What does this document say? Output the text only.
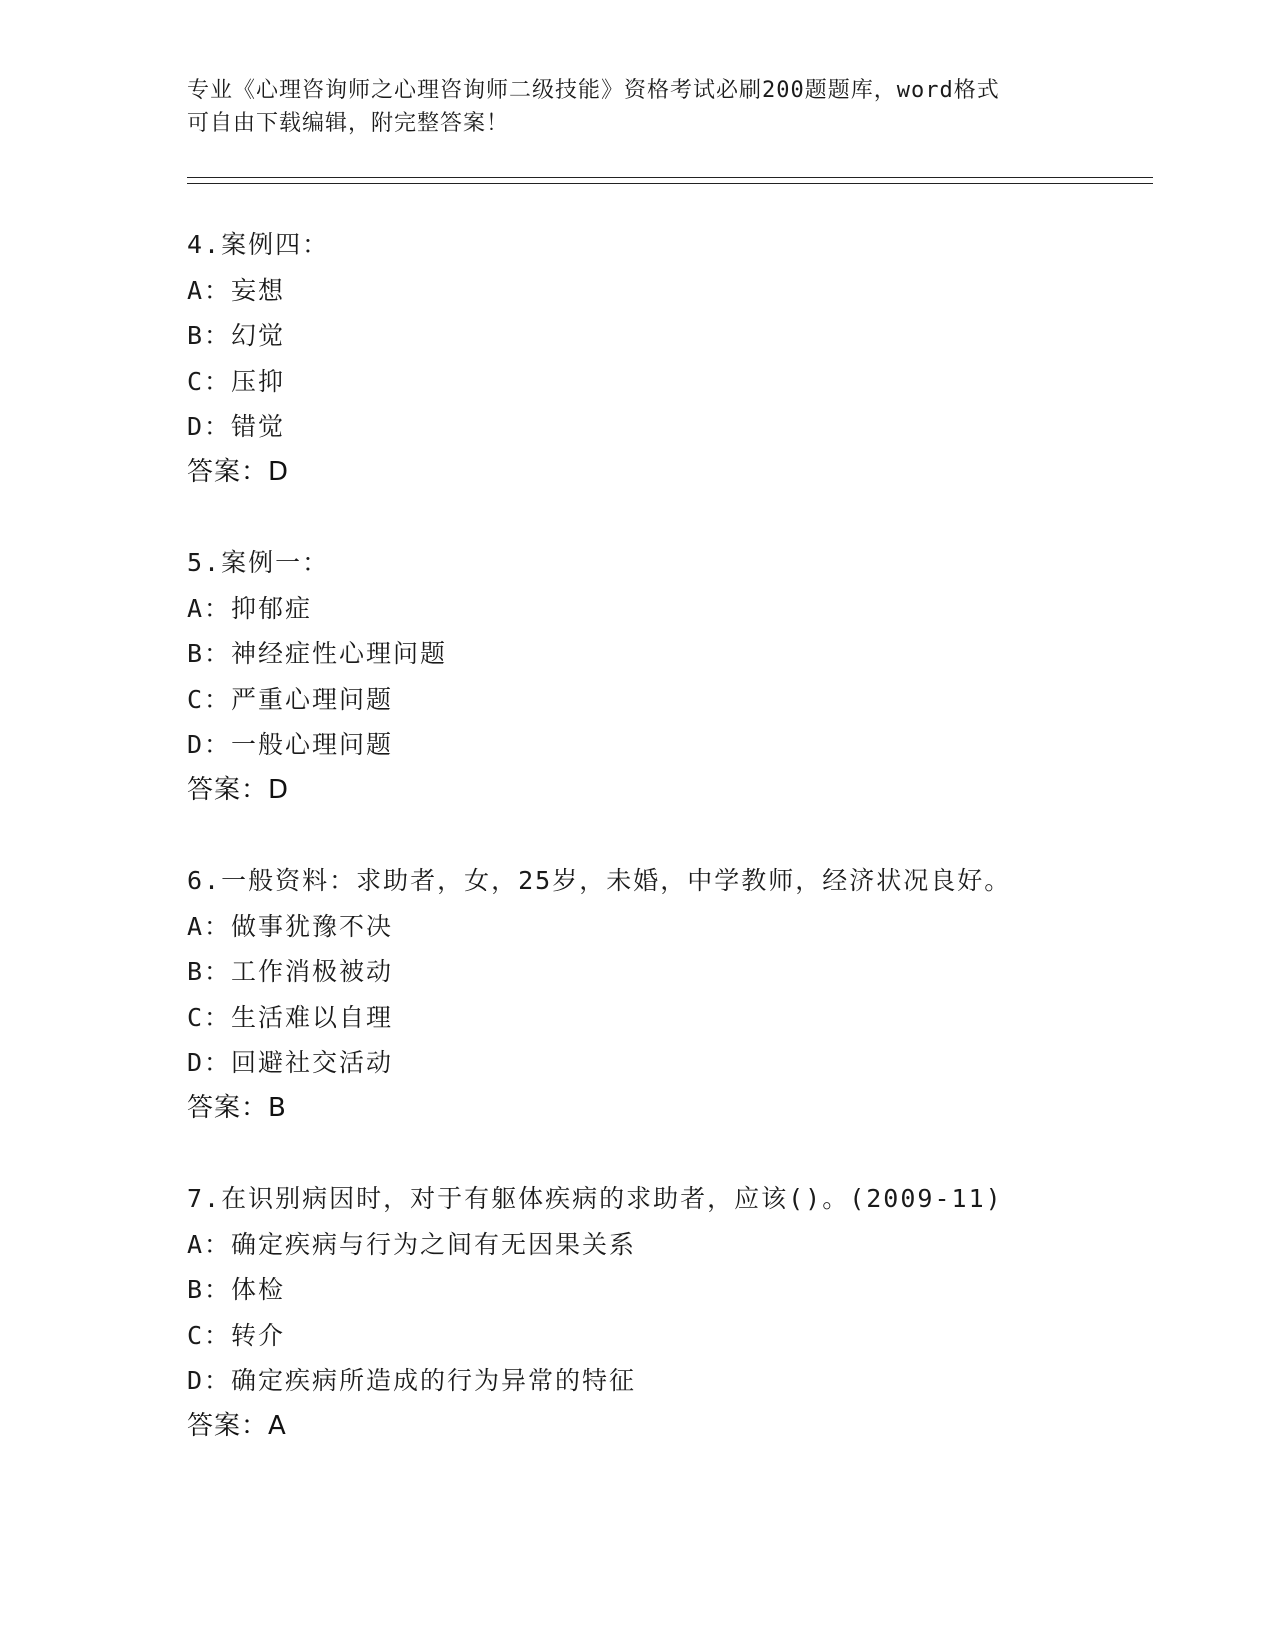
专业《心理咨询师之心理咨询师二级技能》资格考试必刷200题题库，word格式
可自由下载编辑，附完整答案！
4.案例四：
A：妄想
B：幻觉
C：压抑
D：错觉
答案：D
5.案例一：
A：抑郁症
B：神经症性心理问题
C：严重心理问题
D：一般心理问题
答案：D
6.一般资料：求助者，女，25岁，未婚，中学教师，经济状况良好。
A：做事犹豫不决
B：工作消极被动
C：生活难以自理
D：回避社交活动
答案：B
7.在识别病因时，对于有躯体疾病的求助者，应该()。(2009-11)
A：确定疾病与行为之间有无因果关系
B：体检
C：转介
D：确定疾病所造成的行为异常的特征
答案：A
